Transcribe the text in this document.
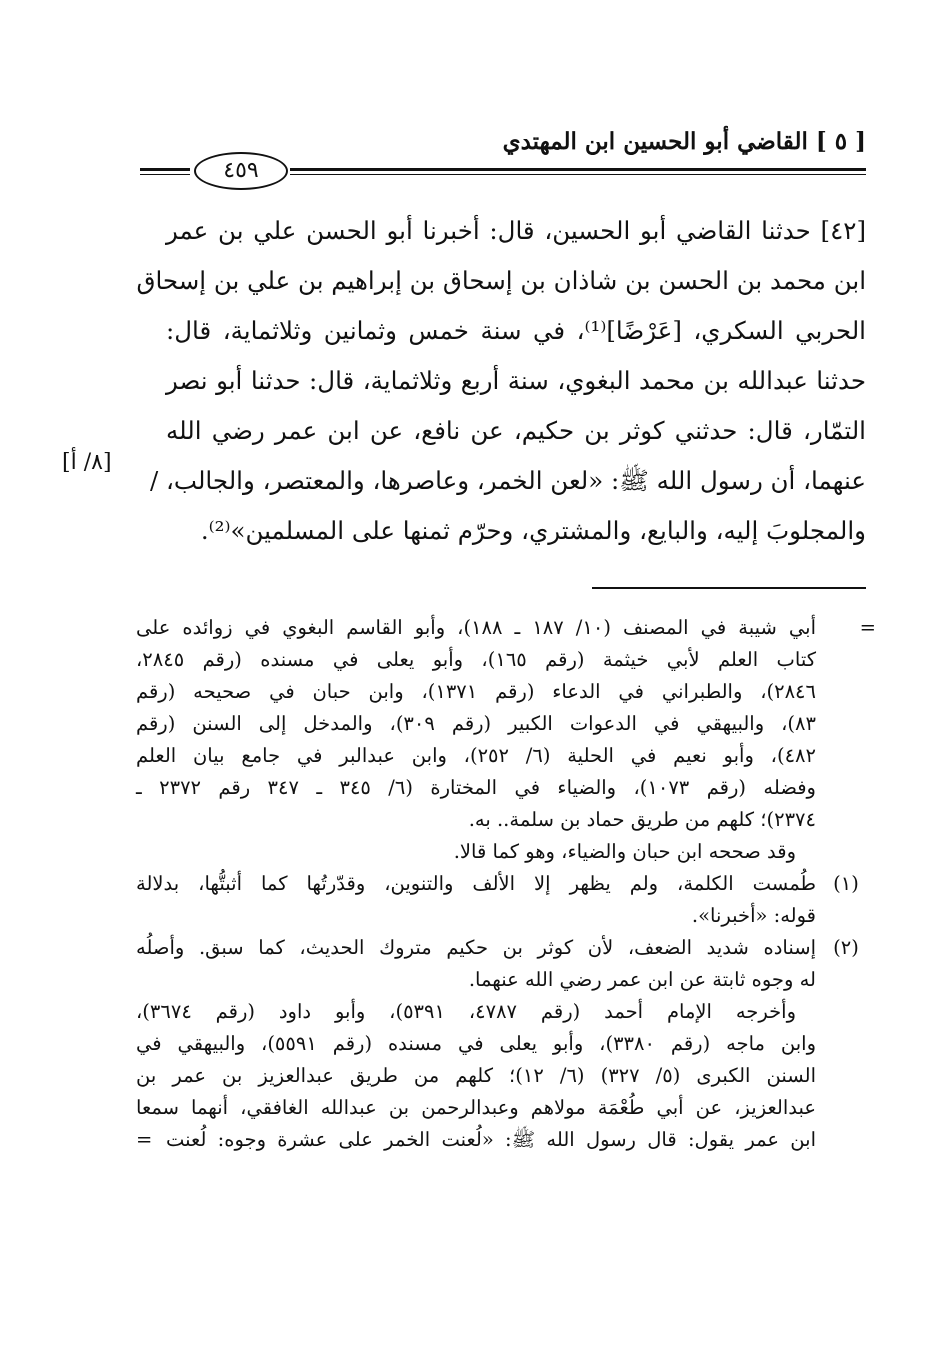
[ ٥ ] القاضي أبو الحسين ابن المهتدي
٤٥٩
[٤٢] حدثنا القاضي أبو الحسين، قال: أخبرنا أبو الحسن علي بن عمر
ابن محمد بن الحسن بن شاذان بن إسحاق بن إبراهيم بن علي بن إسحاق
الحربي السكري، [عَرْضًا]⁽¹⁾، في سنة خمس وثمانين وثلاثماية، قال:
حدثنا عبدالله بن محمد البغوي، سنة أربع وثلاثماية، قال: حدثنا أبو نصر
التمّار، قال: حدثني كوثر بن حكيم، عن نافع، عن ابن عمر رضي الله
عنهما، أن رسول الله ﷺ: «لعن الخمر، وعاصرها، والمعتصر، والجالب، /
والمجلوبَ إليه، والبايع، والمشتري، وحرّم ثمنها على المسلمين»⁽²⁾.
[٨/ أ]
=
أبي شيبة في المصنف (١٠/ ١٨٧ ـ ١٨٨)، وأبو القاسم البغوي في زوائده على
كتاب العلم لأبي خيثمة (رقم ١٦٥)، وأبو يعلى في مسنده (رقم ٢٨٤٥،
٢٨٤٦)، والطبراني في الدعاء (رقم ١٣٧١)، وابن حبان في صحيحه (رقم
٨٣)، والبيهقي في الدعوات الكبير (رقم ٣٠٩)، والمدخل إلى السنن (رقم
٤٨٢)، وأبو نعيم في الحلية (٦/ ٢٥٢)، وابن عبدالبر في جامع بيان العلم
وفضله (رقم ١٠٧٣)، والضياء في المختارة (٦/ ٣٤٥ ـ ٣٤٧ رقم ٢٣٧٢ ـ
٢٣٧٤)؛ كلهم من طريق حماد بن سلمة.. به.
وقد صححه ابن حبان والضياء، وهو كما قالا.
(١)
طُمست الكلمة، ولم يظهر إلا الألف والتنوين، وقدّرتُها كما أثبتُّها، بدلالة
قوله: «أخبرنا».
(٢)
إسناده شديد الضعف، لأن كوثر بن حكيم متروك الحديث، كما سبق. وأصلُه
له وجوه ثابتة عن ابن عمر رضي الله عنهما.
وأخرجه الإمام أحمد (رقم ٤٧٨٧، ٥٣٩١)، وأبو داود (رقم ٣٦٧٤)،
وابن ماجه (رقم ٣٣٨٠)، وأبو يعلى في مسنده (رقم ٥٥٩١)، والبيهقي في
السنن الكبرى (٥/ ٣٢٧) (٦/ ١٢)؛ كلهم من طريق عبدالعزيز بن عمر بن
عبدالعزيز، عن أبي طُعْمَة مولاهم وعبدالرحمن بن عبدالله الغافقي، أنهما سمعا
ابن عمر يقول: قال رسول الله ﷺ: «لُعنت الخمر على عشرة وجوه: لُعنت
=
